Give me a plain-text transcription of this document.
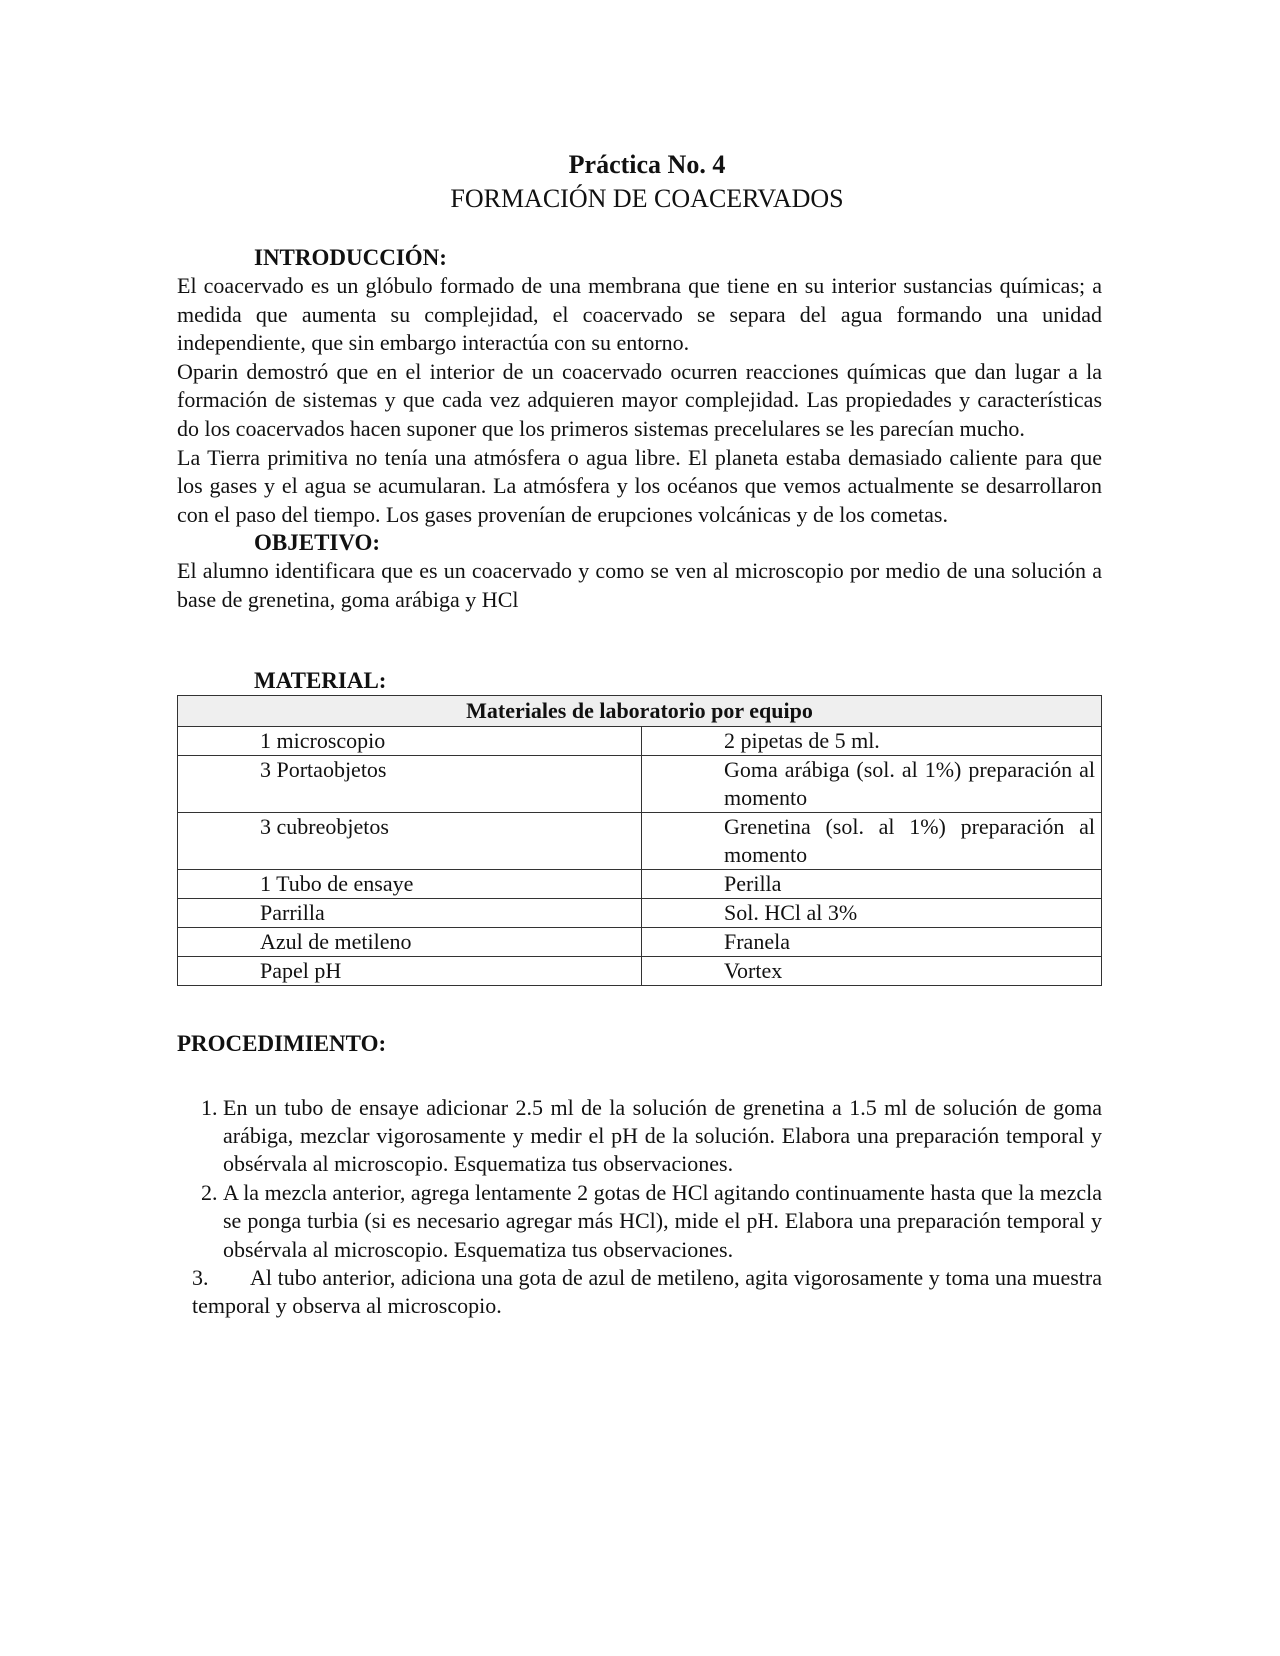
Práctica No. 4
FORMACIÓN DE COACERVADOS
INTRODUCCIÓN:

El coacervado es un glóbulo formado de una membrana que tiene en su interior sustancias químicas; a medida que aumenta su complejidad, el coacervado se separa del agua formando una unidad independiente, que sin embargo interactúa con su entorno.

Oparin demostró que en el interior de un coacervado ocurren reacciones químicas que dan lugar a la formación de sistemas y que cada vez adquieren mayor complejidad. Las propiedades y características do los coacervados hacen suponer que los primeros sistemas precelulares se les parecían mucho.

La Tierra primitiva no tenía una atmósfera o agua libre. El planeta estaba demasiado caliente para que los gases y el agua se acumularan. La atmósfera y los océanos que vemos actualmente se desarrollaron con el paso del tiempo. Los gases provenían de erupciones volcánicas y de los cometas.

OBJETIVO:

El alumno identificara que es un coacervado y como se ven al microscopio por medio de una solución a base de grenetina, goma arábiga y HCl

MATERIAL:
Materiales de laboratorio por equipo	
1 microscopio	2 pipetas de 5 ml.
3 Portaobjetos	Goma arábiga (sol. al 1%) preparación al momento
3 cubreobjetos	Grenetina (sol. al 1%) preparación al momento
1 Tubo de ensaye	Perilla
Parrilla	Sol. HCl al 3%
Azul de metileno	Franela
Papel pH	Vortex
PROCEDIMIENTO:
1. En un tubo de ensaye adicionar 2.5 ml de la solución de grenetina a 1.5 ml de solución de goma arábiga, mezclar vigorosamente y medir el pH de la solución. Elabora una preparación temporal y obsérvala al microscopio. Esquematiza tus observaciones.
2. A la mezcla anterior, agrega lentamente 2 gotas de HCl agitando continuamente hasta que la mezcla se ponga turbia (si es necesario agregar más HCl), mide el pH. Elabora una preparación temporal y obsérvala al microscopio. Esquematiza tus observaciones.

3. Al tubo anterior, adiciona una gota de azul de metileno, agita vigorosamente y toma una muestra temporal y observa al microscopio.
